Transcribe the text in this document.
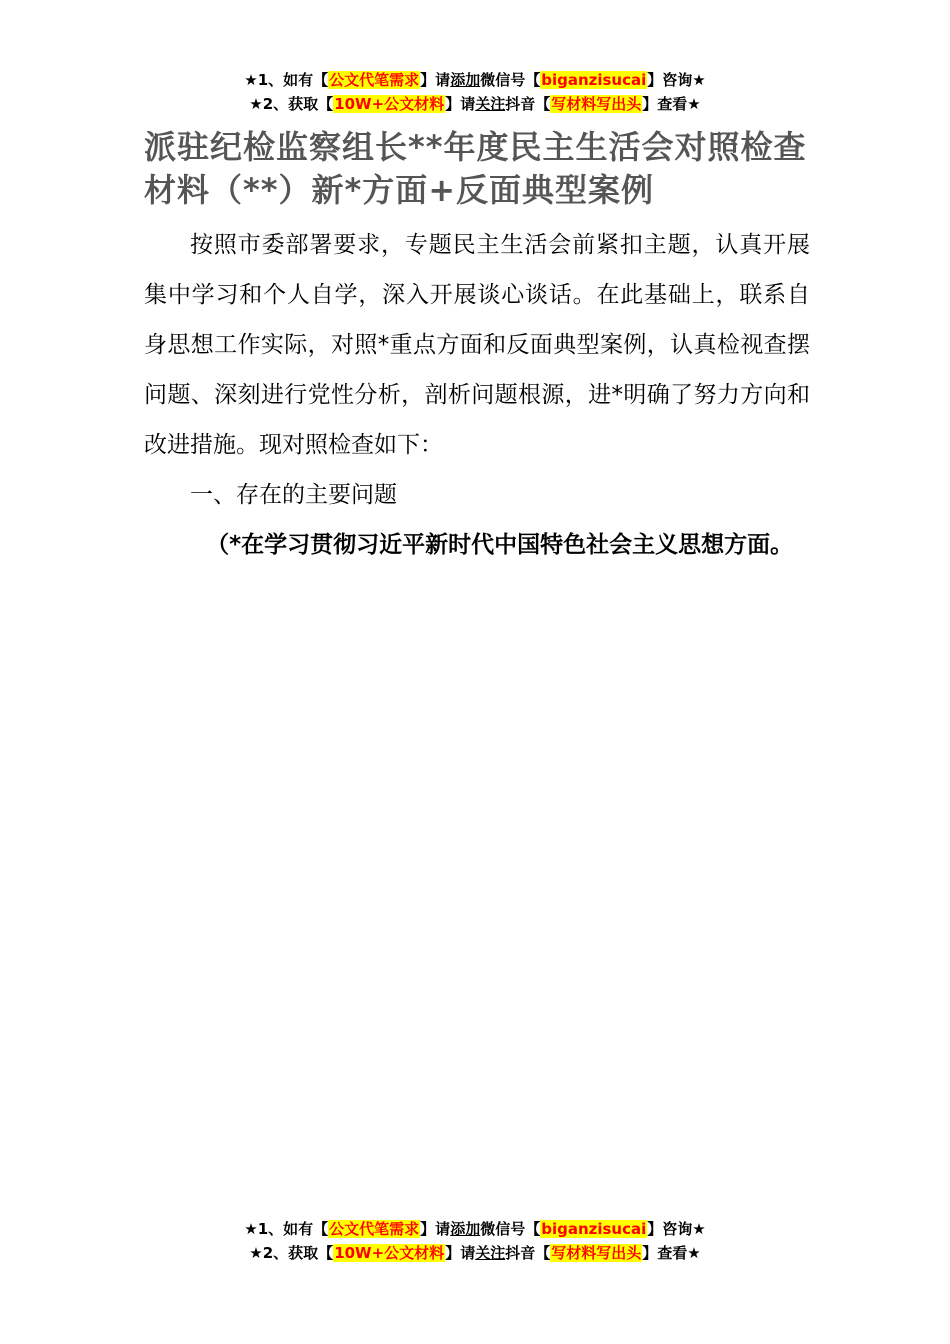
★1、如有【公文代笔需求】请添加微信号【biganzisucai】咨询★
★2、获取【10W+公文材料】请关注抖音【写材料写出头】查看★
派驻纪检监察组长**年度民主生活会对照检查材料（**）新*方面+反面典型案例

按照市委部署要求，专题民主生活会前紧扣主题，认真开展集中学习和个人自学，深入开展谈心谈话。在此基础上，联系自身思想工作实际，对照*重点方面和反面典型案例，认真检视查摆问题、深刻进行党性分析，剖析问题根源，进*明确了努力方向和改进措施。现对照检查如下：

一、存在的主要问题

（*在学习贯彻习近平新时代中国特色社会主义思想方面。

★1、如有【公文代笔需求】请添加微信号【biganzisucai】咨询★
★2、获取【10W+公文材料】请关注抖音【写材料写出头】查看★
